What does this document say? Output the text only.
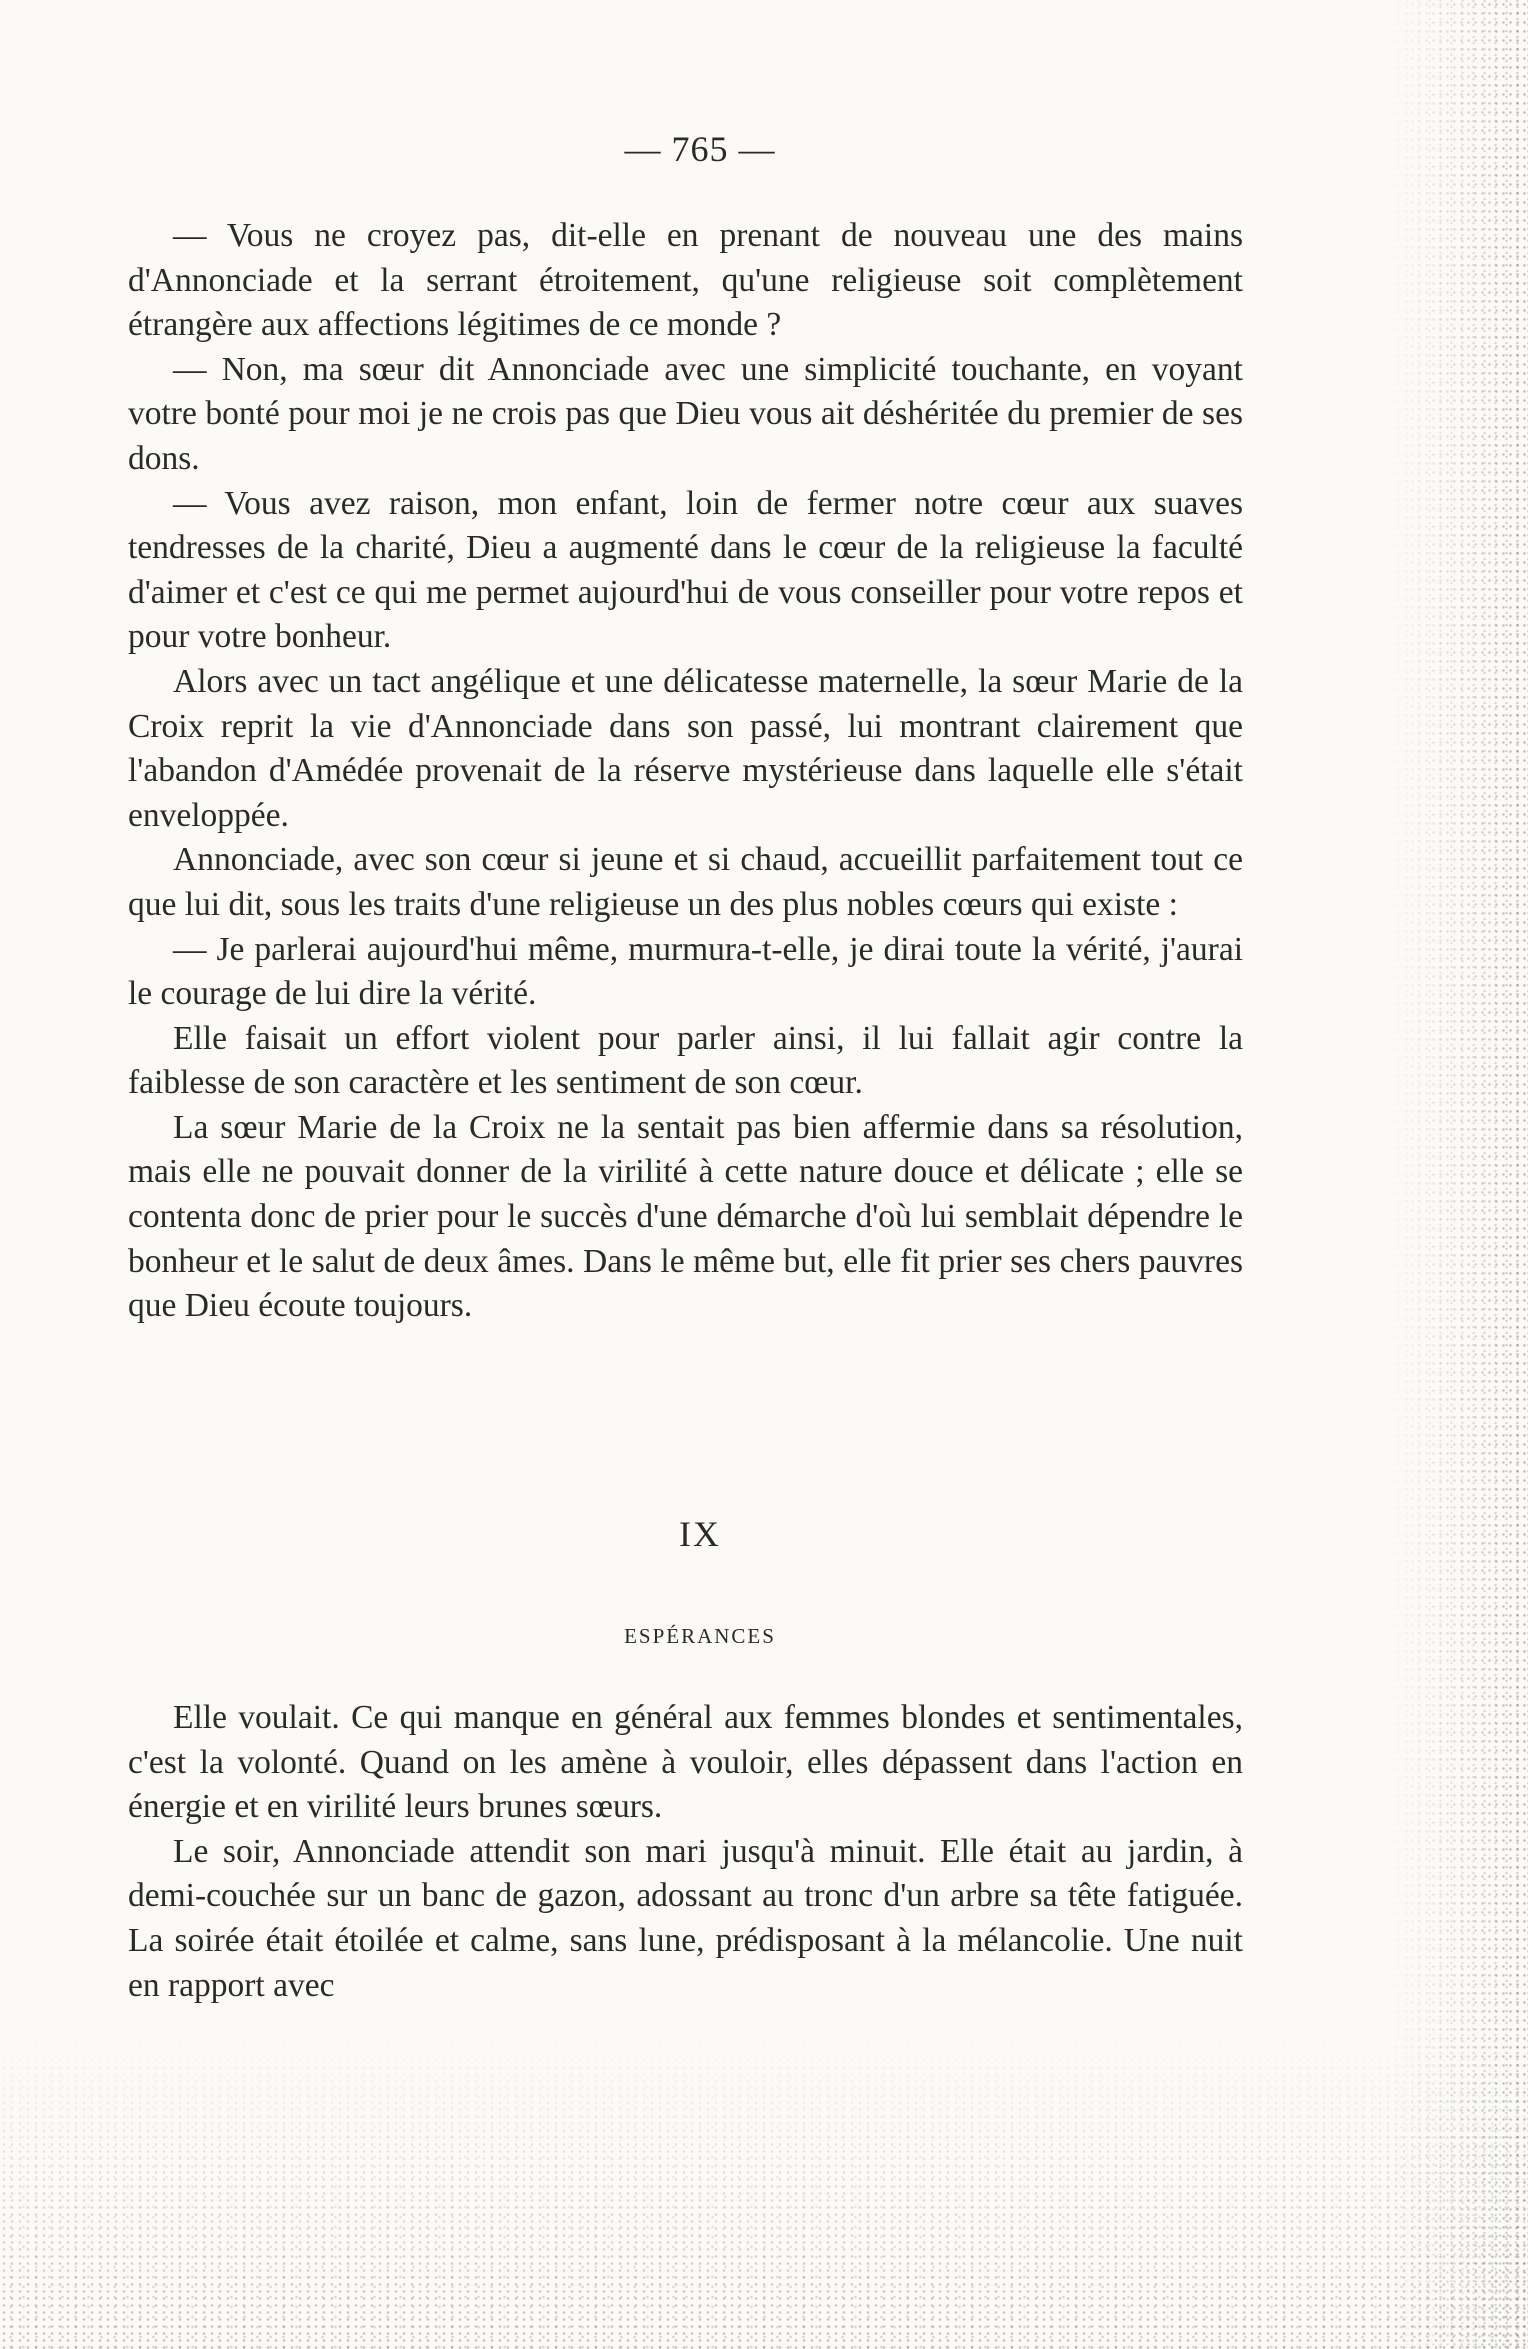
— 765 —

— Vous ne croyez pas, dit-elle en prenant de nouveau une des mains d'Annonciade et la serrant étroitement, qu'une religieuse soit complètement étrangère aux affections légitimes de ce monde ?

— Non, ma sœur dit Annonciade avec une simplicité touchante, en voyant votre bonté pour moi je ne crois pas que Dieu vous ait déshéritée du premier de ses dons.

— Vous avez raison, mon enfant, loin de fermer notre cœur aux suaves tendresses de la charité, Dieu a augmenté dans le cœur de la religieuse la faculté d'aimer et c'est ce qui me permet aujourd'hui de vous conseiller pour votre repos et pour votre bonheur.

Alors avec un tact angélique et une délicatesse maternelle, la sœur Marie de la Croix reprit la vie d'Annonciade dans son passé, lui montrant clairement que l'abandon d'Amédée provenait de la réserve mystérieuse dans laquelle elle s'était enveloppée.

Annonciade, avec son cœur si jeune et si chaud, accueillit parfaitement tout ce que lui dit, sous les traits d'une religieuse un des plus nobles cœurs qui existe :

— Je parlerai aujourd'hui même, murmura-t-elle, je dirai toute la vérité, j'aurai le courage de lui dire la vérité.

Elle faisait un effort violent pour parler ainsi, il lui fallait agir contre la faiblesse de son caractère et les sentiment de son cœur.

La sœur Marie de la Croix ne la sentait pas bien affermie dans sa résolution, mais elle ne pouvait donner de la virilité à cette nature douce et délicate ; elle se contenta donc de prier pour le succès d'une démarche d'où lui semblait dépendre le bonheur et le salut de deux âmes. Dans le même but, elle fit prier ses chers pauvres que Dieu écoute toujours.

IX
ESPÉRANCES

Elle voulait. Ce qui manque en général aux femmes blondes et sentimentales, c'est la volonté. Quand on les amène à vouloir, elles dépassent dans l'action en énergie et en virilité leurs brunes sœurs.

Le soir, Annonciade attendit son mari jusqu'à minuit. Elle était au jardin, à demi-couchée sur un banc de gazon, adossant au tronc d'un arbre sa tête fatiguée. La soirée était étoilée et calme, sans lune, prédisposant à la mélancolie. Une nuit en rapport avec
